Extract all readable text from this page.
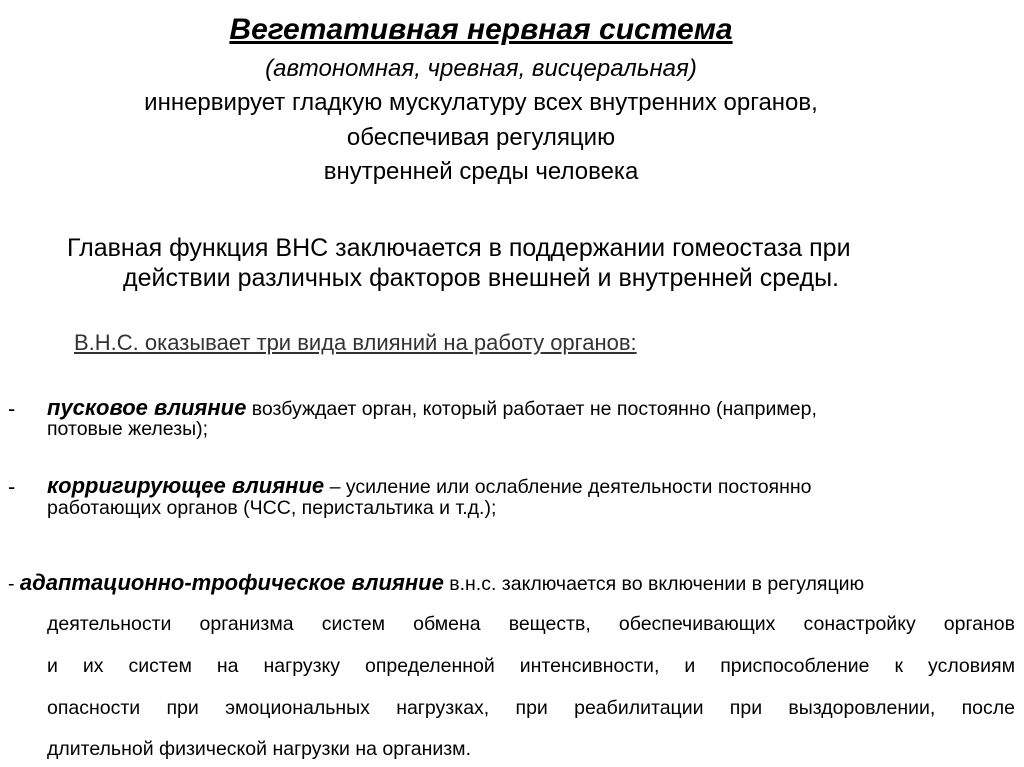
Вегетативная нервная система
(автономная, чревная, висцеральная)
иннервирует гладкую мускулатуру всех внутренних органов,
обеспечивая регуляцию
внутренней среды человека
Главная функция ВНС заключается в поддержании гомеостаза при
действии различных факторов внешней и внутренней среды.
В.Н.С. оказывает три вида влияний на работу органов:
- пусковое влияние возбуждает орган, который работает не постоянно (например,
потовые железы);
- корригирующее влияние – усиление или ослабление деятельности постоянно
работающих органов (ЧСС, перистальтика и т.д.);
- адаптационно-трофическое влияние в.н.с. заключается во включении в регуляцию
деятельности организма систем обмена веществ, обеспечивающих сонастройку органов
и их систем на нагрузку определенной интенсивности, и приспособление к условиям
опасности при эмоциональных нагрузках, при реабилитации при выздоровлении, после
длительной физической нагрузки на организм.
